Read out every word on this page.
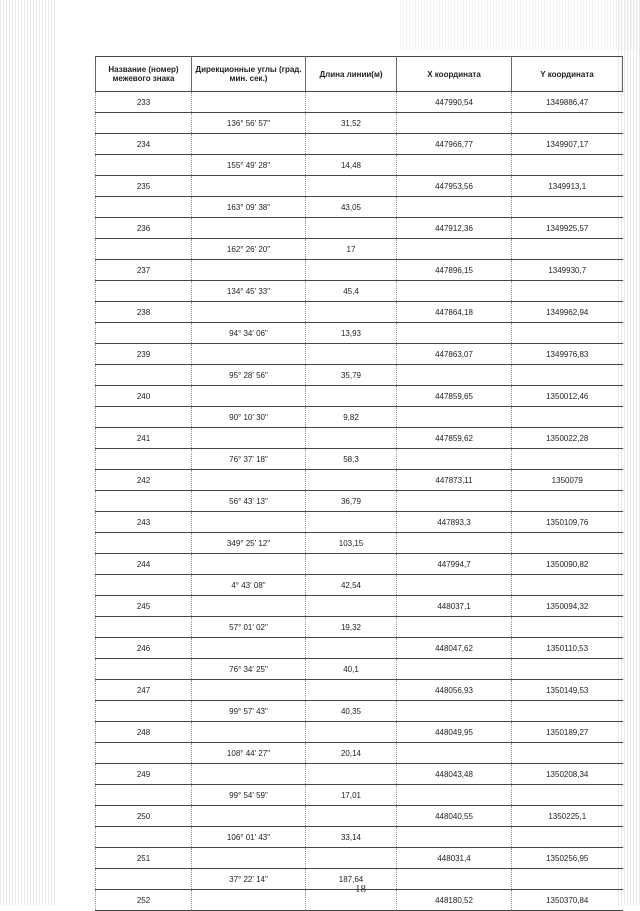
Название (номер) межевого знака	Дирекционные углы (град. мин. сек.)	Длина линии(м)	X координата	Y координата
233			447990,54	1349886,47
	136° 56' 57"	31,52		
234			447966,77	1349907,17
	155° 49' 28"	14,48		
235			447953,56	1349913,1
	163° 09' 38"	43,05		
236			447912,36	1349925,57
	162° 26' 20"	17		
237			447896,15	1349930,7
	134° 45' 33"	45,4		
238			447864,18	1349962,94
	94° 34' 06"	13,93		
239			447863,07	1349976,83
	95° 28' 56"	35,79		
240			447859,65	1350012,46
	90° 10' 30"	9,82		
241			447859,62	1350022,28
	76° 37' 18"	58,3		
242			447873,11	1350079
	56° 43' 13"	36,79		
243			447893,3	1350109,76
	349° 25' 12"	103,15		
244			447994,7	1350090,82
	4° 43' 08"	42,54		
245			448037,1	1350094,32
	57° 01' 02"	19,32		
246			448047,62	1350110,53
	76° 34' 25"	40,1		
247			448056,93	1350149,53
	99° 57' 43"	40,35		
248			448049,95	1350189,27
	108° 44' 27"	20,14		
249			448043,48	1350208,34
	99° 54' 59"	17,01		
250			448040,55	1350225,1
	106° 01' 43"	33,14		
251			448031,4	1350256,95
	37° 22' 14"	187,64		
252			448180,52	1350370,84
18
